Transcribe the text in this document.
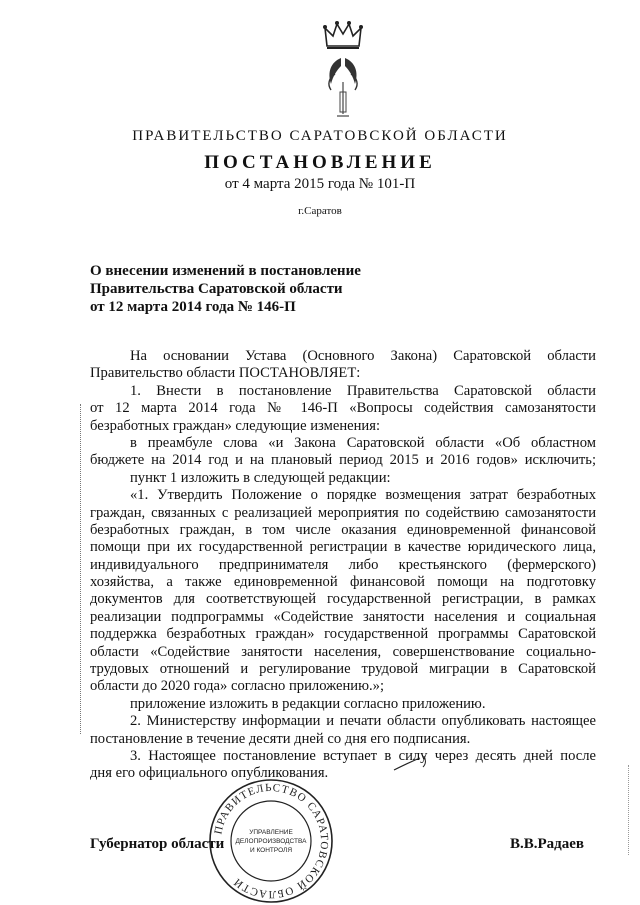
ПРАВИТЕЛЬСТВО САРАТОВСКОЙ ОБЛАСТИ
ПОСТАНОВЛЕНИЕ
от 4 марта 2015 года № 101-П
г.Саратов
О внесении изменений в постановление
Правительства Саратовской области
от 12 марта 2014 года № 146-П
На основании Устава (Основного Закона) Саратовской области
Правительство области ПОСТАНОВЛЯЕТ:
1. Внести в постановление Правительства Саратовской области
от 12 марта 2014 года № 146-П «Вопросы содействия самозанятости
безработных граждан» следующие изменения:
в преамбуле слова «и Закона Саратовской области «Об областном
бюджете на 2014 год и на плановый период 2015 и 2016 годов» исключить;
пункт 1 изложить в следующей редакции:
«1. Утвердить Положение о порядке возмещения затрат безработных
граждан, связанных с реализацией мероприятия по содействию самозанятости
безработных граждан, в том числе оказания единовременной финансовой
помощи при их государственной регистрации в качестве юридического лица,
индивидуального предпринимателя либо крестьянского (фермерского)
хозяйства, а также единовременной финансовой помощи на подготовку
документов для соответствующей государственной регистрации, в рамках
реализации подпрограммы «Содействие занятости населения и социальная
поддержка безработных граждан» государственной программы Саратовской
области «Содействие занятости населения, совершенствование социально-
трудовых отношений и регулирование трудовой миграции в Саратовской
области до 2020 года» согласно приложению.»;
приложение изложить в редакции согласно приложению.
2. Министерству информации и печати области опубликовать настоящее
постановление в течение десяти дней со дня его подписания.
3. Настоящее постановление вступает в силу через десять дней после
дня его официального опубликования.
ПРАВИТЕЛЬСТВО САРАТОВСКОЙ ОБЛАСТИ
УПРАВЛЕНИЕ
ДЕЛОПРОИЗВОДСТВА
И КОНТРОЛЯ
Губернатор области	В.В.Радаев
